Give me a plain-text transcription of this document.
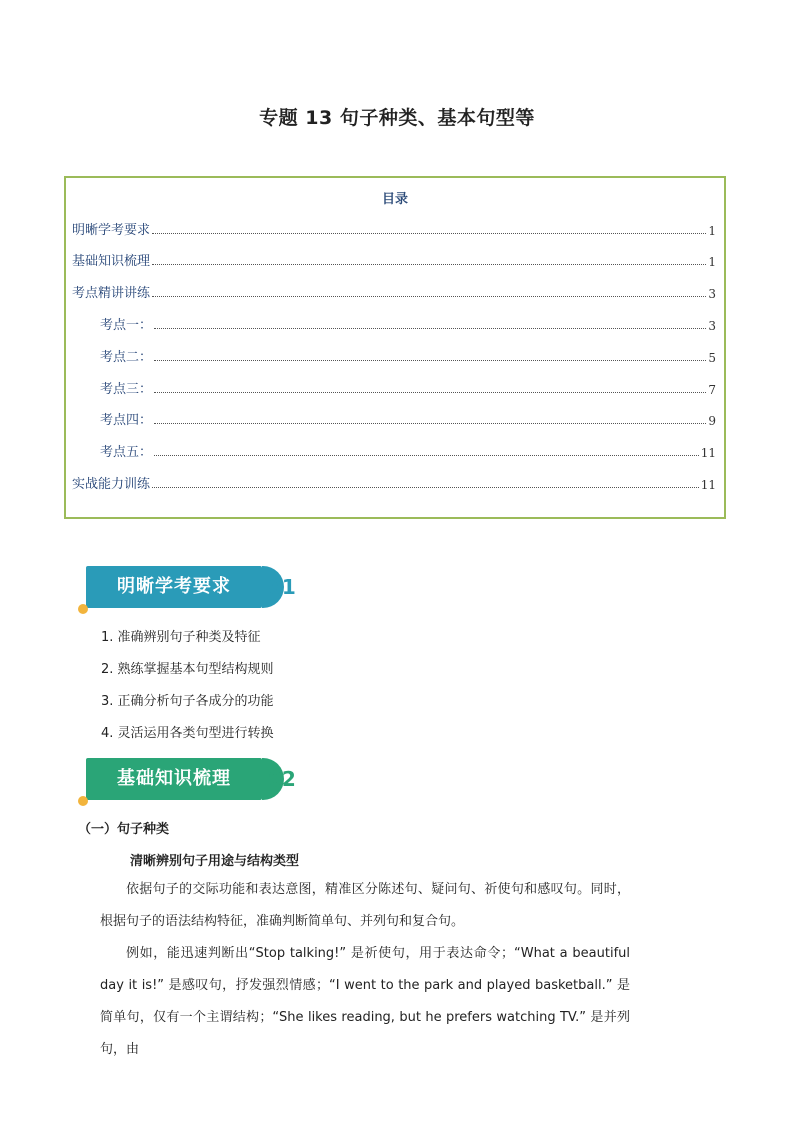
专题 13 句子种类、基本句型等
目录
明晰学考要求	1
基础知识梳理	1
考点精讲讲练	3
考点一：	3
考点二：	5
考点三：	7
考点四：	9
考点五：	11
实战能力训练	11
明晰学考要求	01
1. 准确辨别句子种类及特征
2. 熟练掌握基本句型结构规则
3. 正确分析句子各成分的功能
4. 灵活运用各类句型进行转换
基础知识梳理	02
（一）句子种类
清晰辨别句子用途与结构类型
依据句子的交际功能和表达意图，精准区分陈述句、疑问句、祈使句和感叹句。同时，根据句子的语法结构特征，准确判断简单句、并列句和复合句。
例如，能迅速判断出“Stop talking!” 是祈使句，用于表达命令；“What a beautiful day it is!” 是感叹句，抒发强烈情感；“I went to the park and played basketball.” 是简单句，仅有一个主谓结构；“She likes reading, but he prefers watching TV.” 是并列句，由
